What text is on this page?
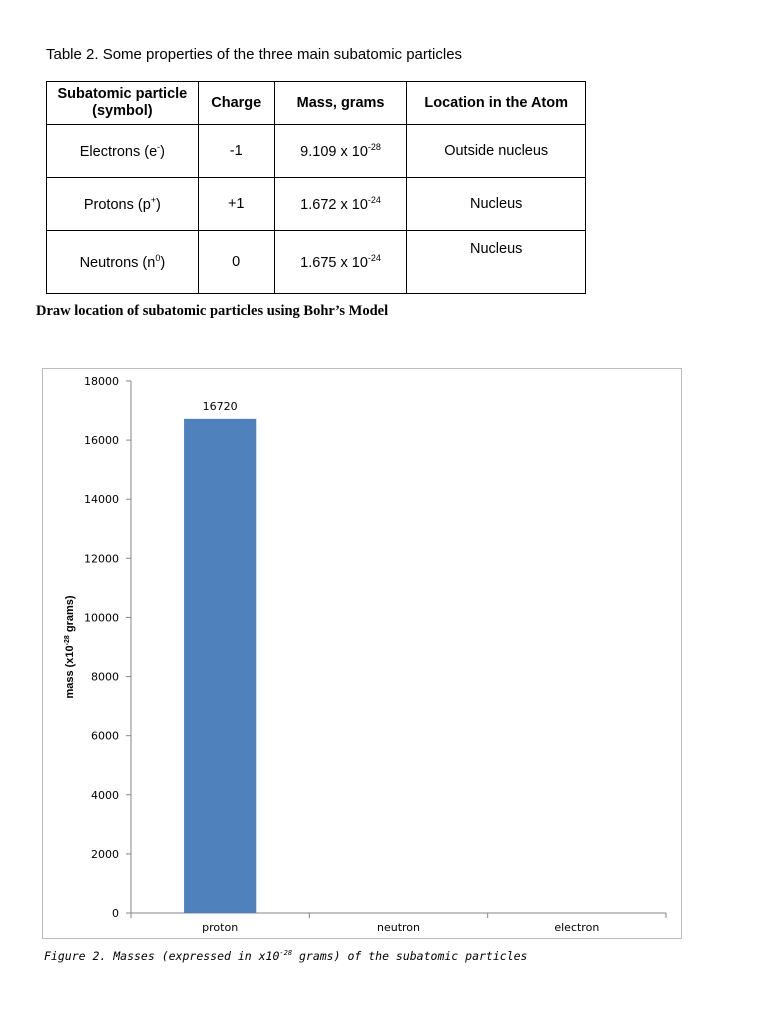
Table 2. Some properties of the three main subatomic particles
Subatomic particle (symbol)	Charge	Mass, grams	Location in the Atom
Electrons (e-)	-1	9.109 x $10^{-28}$	Outside nucleus
Protons (p+)	+1	1.672 x $10^{-24}$	Nucleus
Neutrons $(n^0)$	0	1.675 x $10^{-24}$	Nucleus
Draw location of subatomic particles using Bohr’s Model
0
2000
4000
6000
8000
10000
12000
14000
16000
18000
16720
proton	neutron	electron
mass ($x10^{-28}$ grams)
Figure 2. Masses (expressed in $x10^{-28}$ grams) of the subatomic particles
